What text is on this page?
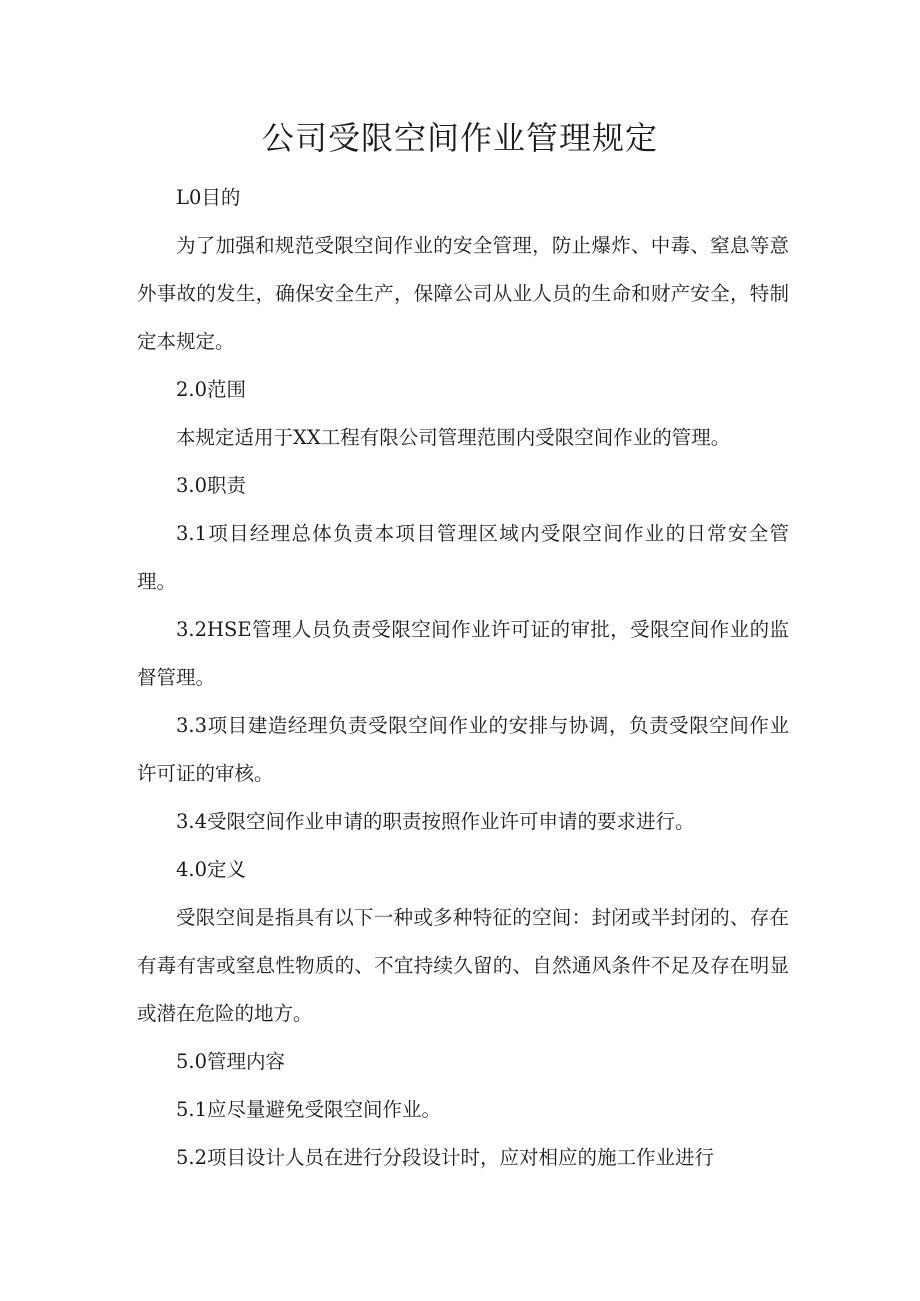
公司受限空间作业管理规定

L0目的

为了加强和规范受限空间作业的安全管理，防止爆炸、中毒、窒息等意外事故的发生，确保安全生产，保障公司从业人员的生命和财产安全，特制定本规定。

2.0范围

本规定适用于XX工程有限公司管理范围内受限空间作业的管理。

3.0职责

3.1项目经理总体负责本项目管理区域内受限空间作业的日常安全管理。

3.2HSE管理人员负责受限空间作业许可证的审批，受限空间作业的监督管理。

3.3项目建造经理负责受限空间作业的安排与协调，负责受限空间作业许可证的审核。

3.4受限空间作业申请的职责按照作业许可申请的要求进行。

4.0定义

受限空间是指具有以下一种或多种特征的空间：封闭或半封闭的、存在有毒有害或窒息性物质的、不宜持续久留的、自然通风条件不足及存在明显或潜在危险的地方。

5.0管理内容

5.1应尽量避免受限空间作业。

5.2项目设计人员在进行分段设计时，应对相应的施工作业进行
